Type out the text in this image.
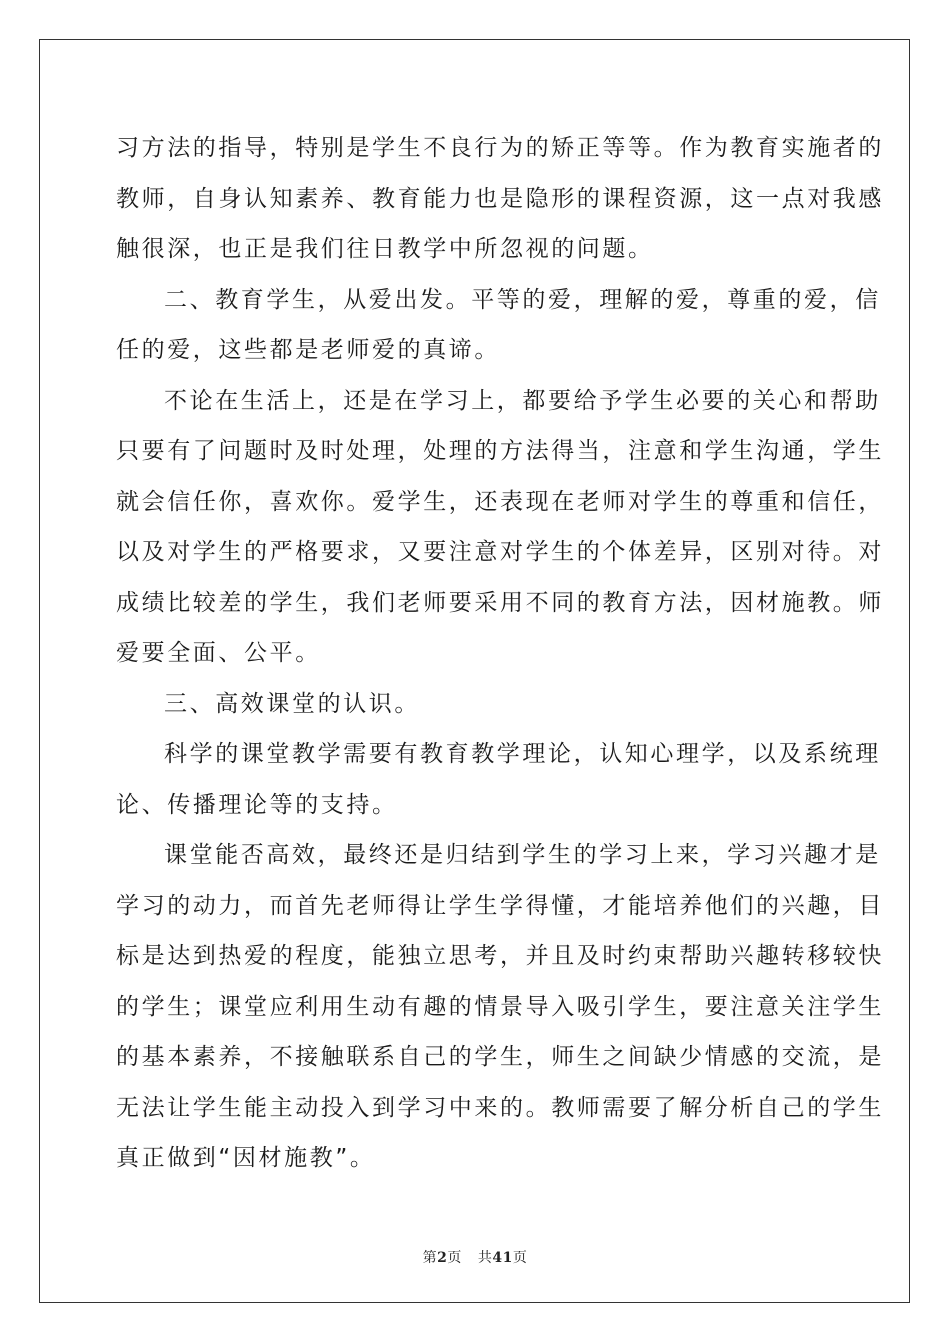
习方法的指导，特别是学生不良行为的矫正等等。作为教育实施者的
教师，自身认知素养、教育能力也是隐形的课程资源，这一点对我感
触很深，也正是我们往日教学中所忽视的问题。
二、教育学生，从爱出发。平等的爱，理解的爱，尊重的爱，信
任的爱，这些都是老师爱的真谛。
不论在生活上，还是在学习上，都要给予学生必要的关心和帮助
只要有了问题时及时处理，处理的方法得当，注意和学生沟通，学生
就会信任你，喜欢你。爱学生，还表现在老师对学生的尊重和信任，
以及对学生的严格要求，又要注意对学生的个体差异，区别对待。对
成绩比较差的学生，我们老师要采用不同的教育方法，因材施教。师
爱要全面、公平。
三、高效课堂的认识。
科学的课堂教学需要有教育教学理论，认知心理学，以及系统理
论、传播理论等的支持。
课堂能否高效，最终还是归结到学生的学习上来，学习兴趣才是
学习的动力，而首先老师得让学生学得懂，才能培养他们的兴趣，目
标是达到热爱的程度，能独立思考，并且及时约束帮助兴趣转移较快
的学生；课堂应利用生动有趣的情景导入吸引学生，要注意关注学生
的基本素养，不接触联系自己的学生，师生之间缺少情感的交流，是
无法让学生能主动投入到学习中来的。教师需要了解分析自己的学生
真正做到“因材施教”。
第2页 共41页
